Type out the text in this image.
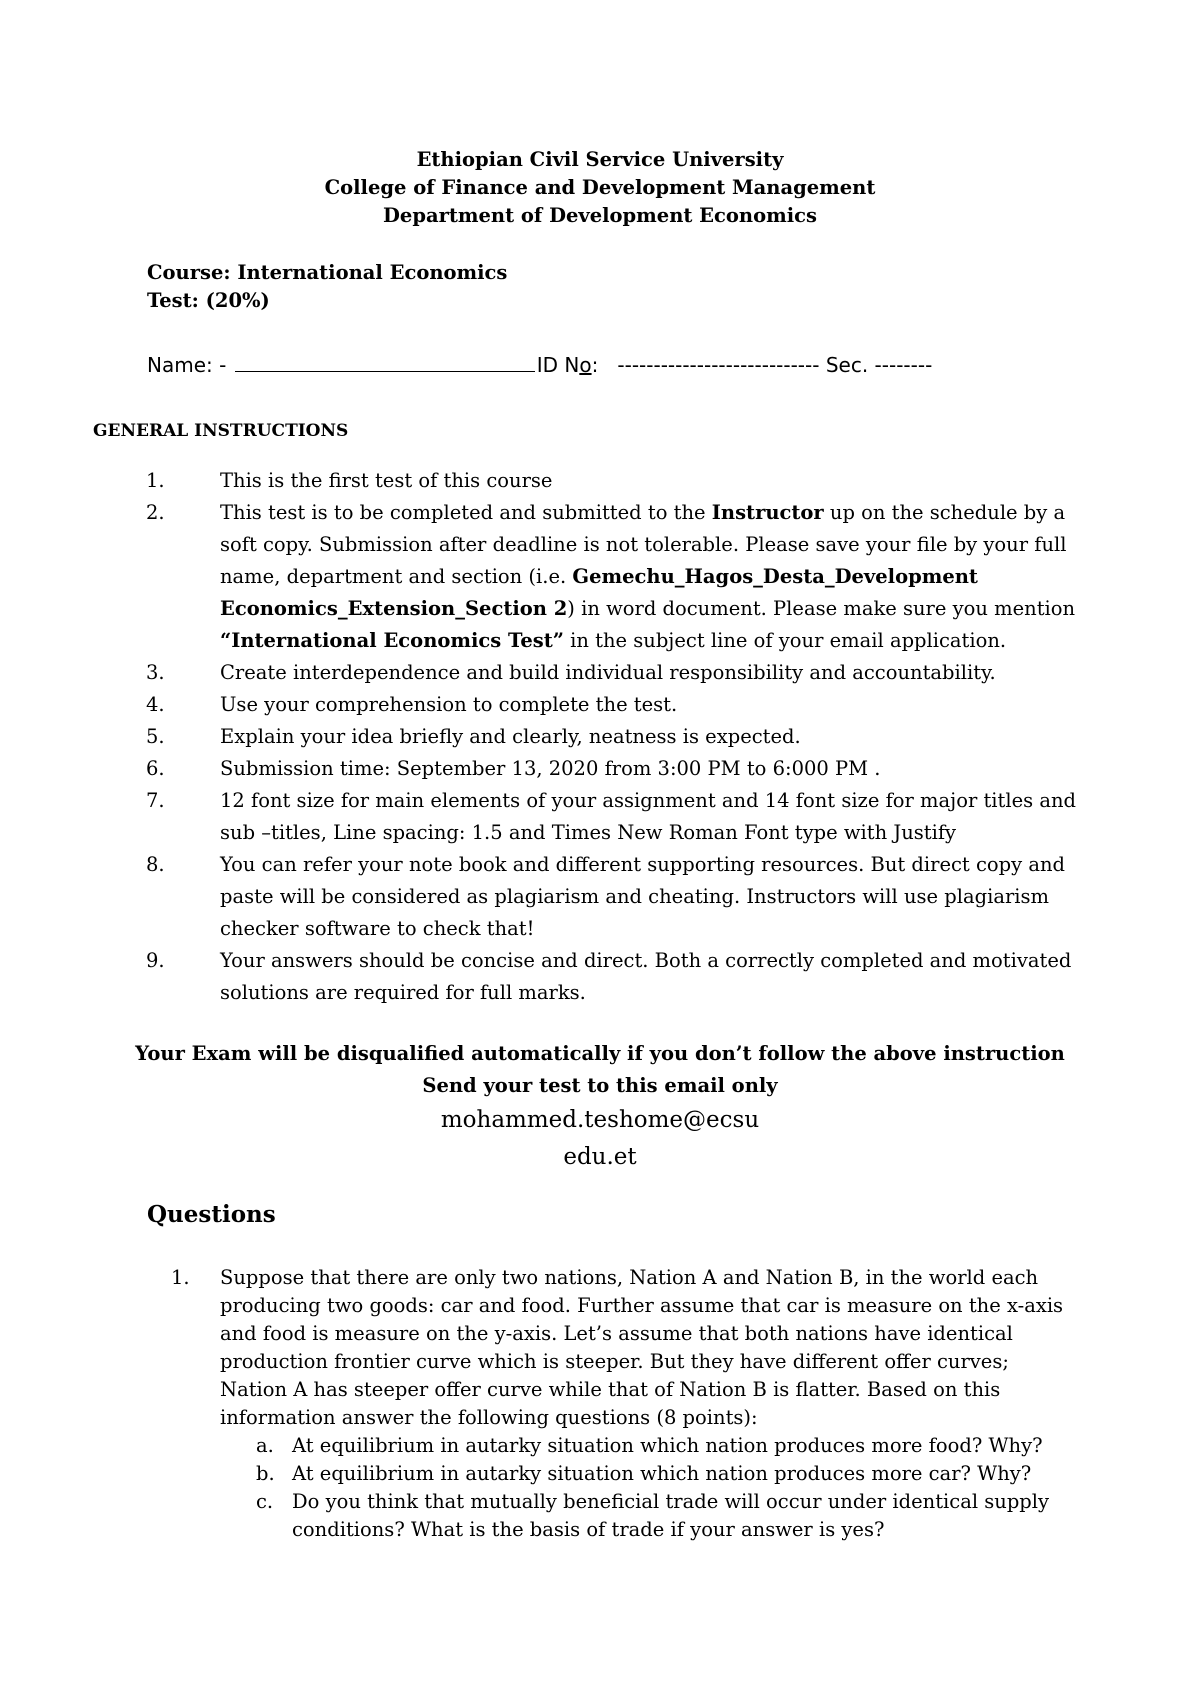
Ethiopian Civil Service University
College of Finance and Development Management
Department of Development Economics
Course: International Economics
Test: (20%)
Name: -	ID No: ---------------------------- Sec. --------
GENERAL INSTRUCTIONS
1.	This is the first test of this course
2.	This test is to be completed and submitted to the Instructor up on the schedule by a
soft copy. Submission after deadline is not tolerable. Please save your file by your full
name, department and section (i.e. Gemechu_Hagos_Desta_Development
Economics_Extension_Section 2) in word document. Please make sure you mention
“International Economics Test” in the subject line of your email application.
3.	Create interdependence and build individual responsibility and accountability.
4.	Use your comprehension to complete the test.
5.	Explain your idea briefly and clearly, neatness is expected.
6.	Submission time: September 13, 2020 from 3:00 PM to 6:000 PM .
7.	12 font size for main elements of your assignment and 14 font size for major titles and
sub –titles, Line spacing: 1.5 and Times New Roman Font type with Justify
8.	You can refer your note book and different supporting resources. But direct copy and
paste will be considered as plagiarism and cheating. Instructors will use plagiarism
checker software to check that!
9.	Your answers should be concise and direct. Both a correctly completed and motivated
solutions are required for full marks.
Your Exam will be disqualified automatically if you don’t follow the above instruction
Send your test to this email only
mohammed.teshome@ecsu
edu.et
Questions
1. Suppose that there are only two nations, Nation A and Nation B, in the world each
producing two goods: car and food. Further assume that car is measure on the x-axis
and food is measure on the y-axis. Let’s assume that both nations have identical
production frontier curve which is steeper. But they have different offer curves;
Nation A has steeper offer curve while that of Nation B is flatter. Based on this
information answer the following questions (8 points):
a. At equilibrium in autarky situation which nation produces more food? Why?
b. At equilibrium in autarky situation which nation produces more car? Why?
c. Do you think that mutually beneficial trade will occur under identical supply
conditions? What is the basis of trade if your answer is yes?
